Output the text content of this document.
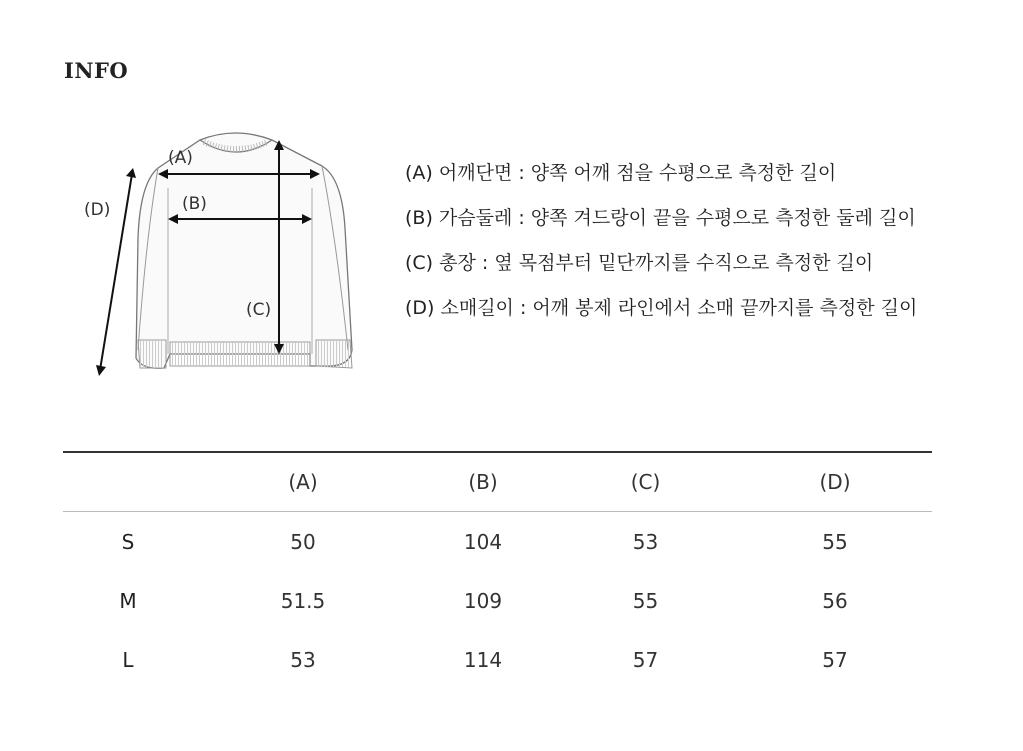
INFO
(A)
(B)
(C)
(D)
(A) 어깨단면 : 양쪽 어깨 점을 수평으로 측정한 길이
(B) 가슴둘레 : 양쪽 겨드랑이 끝을 수평으로 측정한 둘레 길이
(C) 총장 : 옆 목점부터 밑단까지를 수직으로 측정한 길이
(D) 소매길이 : 어깨 봉제 라인에서 소매 끝까지를 측정한 길이
	(A)	(B)	(C)	(D)
S	50	104	53	55
M	51.5	109	55	56
L	53	114	57	57
